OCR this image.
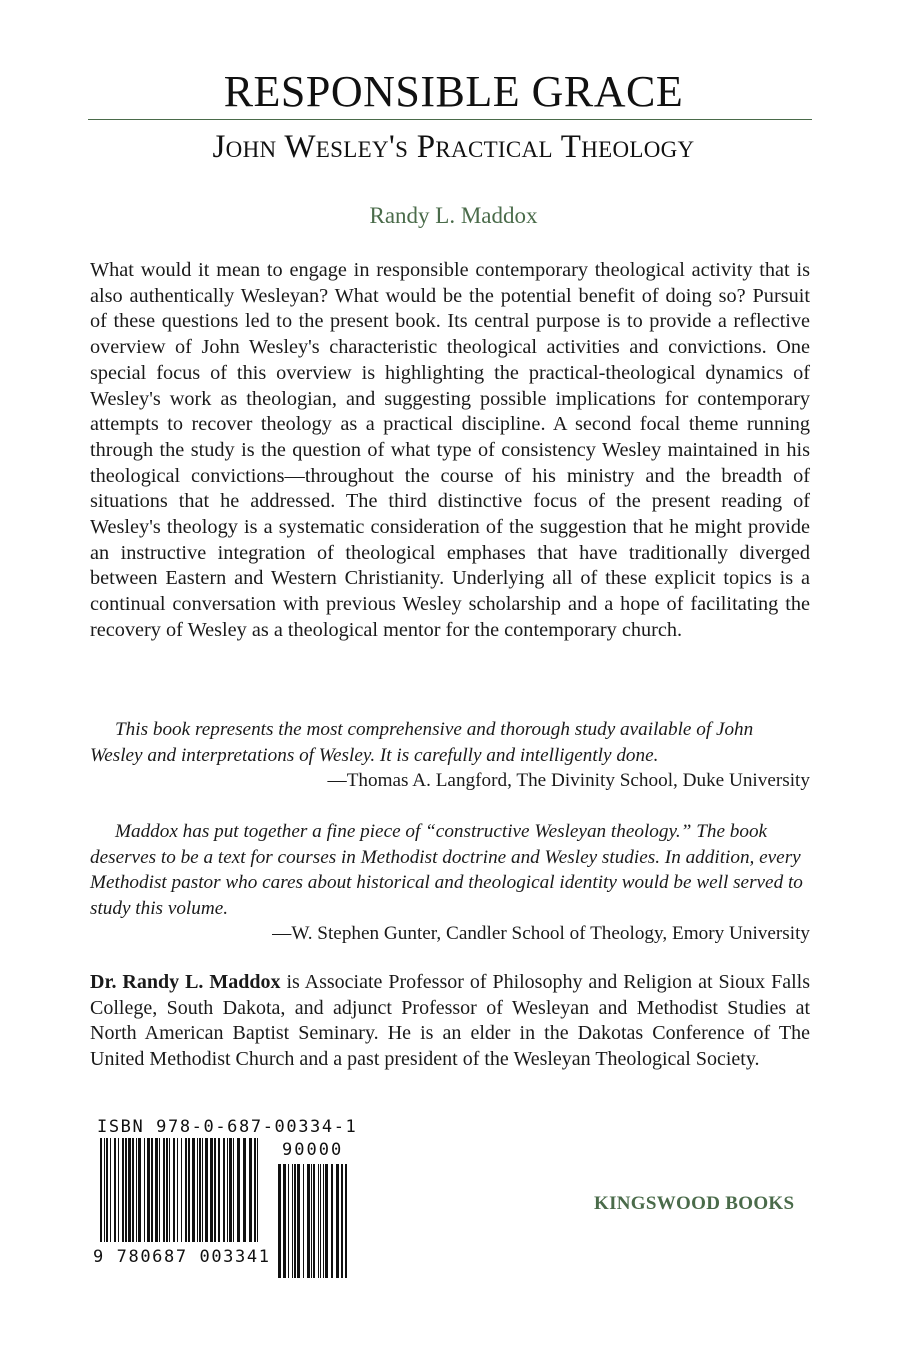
RESPONSIBLE GRACE
John Wesley's Practical Theology
Randy L. Maddox

What would it mean to engage in responsible contemporary theological activity that is also authentically Wesleyan? What would be the potential benefit of doing so? Pursuit of these questions led to the present book. Its central purpose is to provide a reflective overview of John Wesley's characteristic theological activities and convictions. One special focus of this overview is highlighting the practical-theological dynamics of Wesley's work as theologian, and suggesting possible implications for contemporary attempts to recover theology as a practical discipline. A second focal theme running through the study is the question of what type of consistency Wesley maintained in his theological convictions—throughout the course of his ministry and the breadth of situations that he addressed. The third distinctive focus of the present reading of Wesley's theology is a systematic consideration of the suggestion that he might provide an instructive integration of theological emphases that have traditionally diverged between Eastern and Western Christianity. Underlying all of these explicit topics is a continual conversation with previous Wesley scholarship and a hope of facilitating the recovery of Wesley as a theological mentor for the contemporary church.

This book represents the most comprehensive and thorough study available of John Wesley and interpretations of Wesley. It is carefully and intelligently done.

—Thomas A. Langford, The Divinity School, Duke University

Maddox has put together a fine piece of “constructive Wesleyan theology.” The book deserves to be a text for courses in Methodist doctrine and Wesley studies. In addition, every Methodist pastor who cares about historical and theological identity would be well served to study this volume.

—W. Stephen Gunter, Candler School of Theology, Emory University

Dr. Randy L. Maddox is Associate Professor of Philosophy and Religion at Sioux Falls College, South Dakota, and adjunct Professor of Wesleyan and Methodist Studies at North American Baptist Seminary. He is an elder in the Dakotas Conference of The United Methodist Church and a past president of the Wesleyan Theological Society.

ISBN 978-0-687-00334-1
9 780687 003341
90000
KINGSWOOD BOOKS
